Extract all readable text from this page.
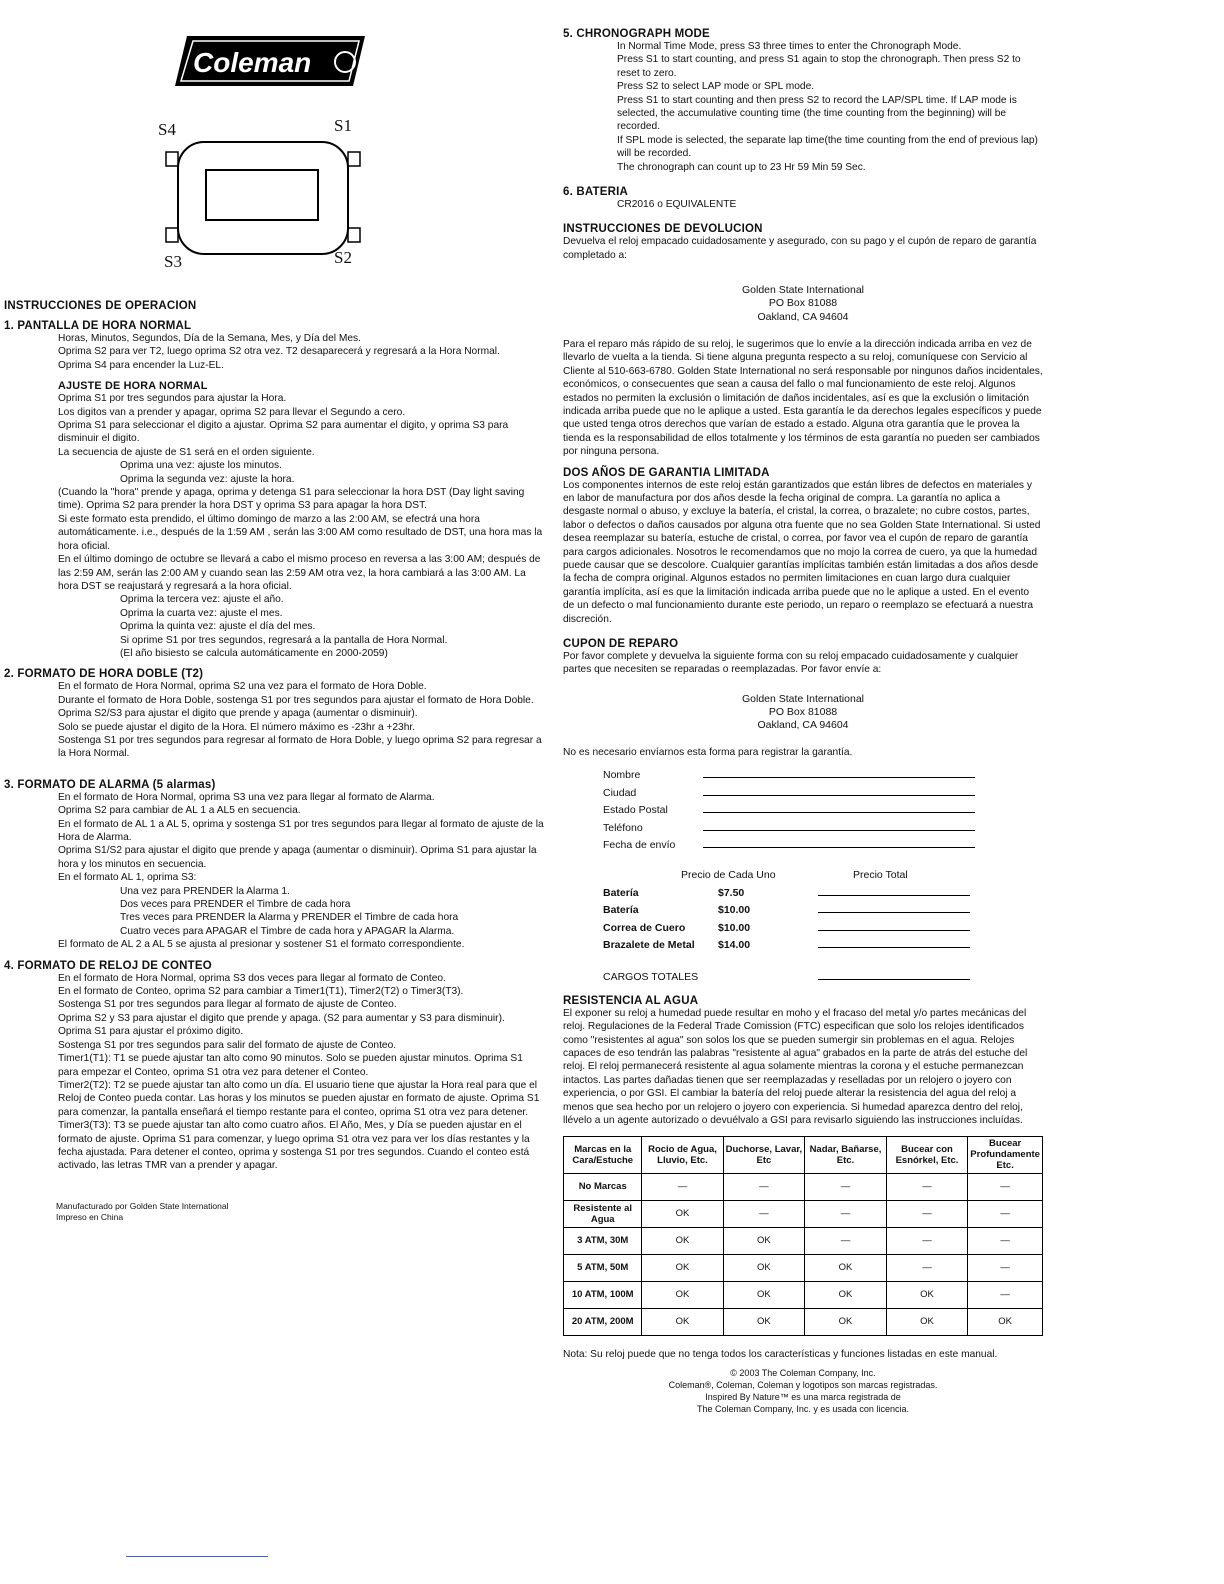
Coleman
S4	S1
S3	S2

INSTRUCCIONES DE OPERACION

1. PANTALLA DE HORA NORMAL

Horas, Minutos, Segundos, Día de la Semana, Mes, y Día del Mes.

Oprima S2 para ver T2, luego oprima S2 otra vez. T2 desaparecerá y regresará a la Hora Normal.

Oprima S4 para encender la Luz-EL.

AJUSTE DE HORA NORMAL

Oprima S1 por tres segundos para ajustar la Hora.

Los digitos van a prender y apagar, oprima S2 para llevar el Segundo a cero.

Oprima S1 para seleccionar el digito a ajustar. Oprima S2 para aumentar el digito, y oprima S3 para disminuir el digito.

La secuencia de ajuste de S1 será en el orden siguiente.

Oprima una vez: ajuste los minutos.

Oprima la segunda vez: ajuste la hora.

(Cuando la "hora" prende y apaga, oprima y detenga S1 para seleccionar la hora DST (Day light saving time). Oprima S2 para prender la hora DST y oprima S3 para apagar la hora DST.

Si este formato esta prendido, el último domingo de marzo a las 2:00 AM, se efectrá una hora automáticamente. i.e., después de la 1:59 AM , serán las 3:00 AM como resultado de DST, una hora mas la hora oficial.

En el último domingo de octubre se llevará a cabo el mismo proceso en reversa a las 3:00 AM; después de las 2:59 AM, serán las 2:00 AM y cuando sean las 2:59 AM otra vez, la hora cambiará a las 3:00 AM. La hora DST se reajustará y regresará a la hora oficial.

Oprima la tercera vez: ajuste el año.

Oprima la cuarta vez: ajuste el mes.

Oprima la quinta vez: ajuste el día del mes.

Si oprime S1 por tres segundos, regresará a la pantalla de Hora Normal.

(El año bisiesto se calcula automáticamente en 2000-2059)

2. FORMATO DE HORA DOBLE (T2)

En el formato de Hora Normal, oprima S2 una vez para el formato de Hora Doble.

Durante el formato de Hora Doble, sostenga S1 por tres segundos para ajustar el formato de Hora Doble.

Oprima S2/S3 para ajustar el digito que prende y apaga (aumentar o disminuir).

Solo se puede ajustar el digito de la Hora. El número máximo es -23hr a +23hr.

Sostenga S1 por tres segundos para regresar al formato de Hora Doble, y luego oprima S2 para regresar a la Hora Normal.

3. FORMATO DE ALARMA (5 alarmas)

En el formato de Hora Normal, oprima S3 una vez para llegar al formato de Alarma.

Oprima S2 para cambiar de AL 1 a AL5 en secuencia.

En el formato de AL 1 a AL 5, oprima y sostenga S1 por tres segundos para llegar al formato de ajuste de la Hora de Alarma.

Oprima S1/S2 para ajustar el digito que prende y apaga (aumentar o disminuir). Oprima S1 para ajustar la hora y los minutos en secuencia.

En el formato AL 1, oprima S3:

Una vez para PRENDER la Alarma 1.

Dos veces para PRENDER el Timbre de cada hora

Tres veces para PRENDER la Alarma y PRENDER el Timbre de cada hora

Cuatro veces para APAGAR el Timbre de cada hora y APAGAR la Alarma.

El formato de AL 2 a AL 5 se ajusta al presionar y sostener S1 el formato correspondiente.

4. FORMATO DE RELOJ DE CONTEO

En el formato de Hora Normal, oprima S3 dos veces para llegar al formato de Conteo.

En el formato de Conteo, oprima S2 para cambiar a Timer1(T1), Timer2(T2) o Timer3(T3).

Sostenga S1 por tres segundos para llegar al formato de ajuste de Conteo.

Oprima S2 y S3 para ajustar el digito que prende y apaga. (S2 para aumentar y S3 para disminuir).

Oprima S1 para ajustar el próximo digito.

Sostenga S1 por tres segundos para salir del formato de ajuste de Conteo.

Timer1(T1): T1 se puede ajustar tan alto como 90 minutos. Solo se pueden ajustar minutos. Oprima S1 para empezar el Conteo, oprima S1 otra vez para detener el Conteo.

Timer2(T2): T2 se puede ajustar tan alto como un día. El usuario tiene que ajustar la Hora real para que el Reloj de Conteo pueda contar. Las horas y los minutos se pueden ajustar en formato de ajuste. Oprima S1 para comenzar, la pantalla enseñará el tiempo restante para el conteo, oprima S1 otra vez para detener.

Timer3(T3): T3 se puede ajustar tan alto como cuatro años. El Año, Mes, y Día se pueden ajustar en el formato de ajuste. Oprima S1 para comenzar, y luego oprima S1 otra vez para ver los días restantes y la fecha ajustada. Para detener el conteo, oprima y sostenga S1 por tres segundos. Cuando el conteo está activado, las letras TMR van a prender y apagar.

Manufacturado por Golden State International

Impreso en China

5. CHRONOGRAPH MODE

In Normal Time Mode, press S3 three times to enter the Chronograph Mode.

Press S1 to start counting, and press S1 again to stop the chronograph. Then press S2 to reset to zero.

Press S2 to select LAP mode or SPL mode.

Press S1 to start counting and then press S2 to record the LAP/SPL time. If LAP mode is selected, the accumulative counting time (the time counting from the beginning) will be recorded.

If SPL mode is selected, the separate lap time(the time counting from the end of previous lap) will be recorded.

The chronograph can count up to 23 Hr 59 Min 59 Sec.

6. BATERIA

CR2016 o EQUIVALENTE

INSTRUCCIONES DE DEVOLUCION

Devuelva el reloj empacado cuidadosamente y asegurado, con su pago y el cupón de reparo de garantía completado a:

Golden State International
PO Box 81088
Oakland, CA 94604

Para el reparo más rápido de su reloj, le sugerimos que lo envíe a la dirección indicada arriba en vez de llevarlo de vuelta a la tienda. Si tiene alguna pregunta respecto a su reloj, comuníquese con Servicio al Cliente al 510-663-6780. Golden State International no será responsable por ningunos daños incidentales, económicos, o consecuentes que sean a causa del fallo o mal funcionamiento de este reloj. Algunos estados no permiten la exclusión o limitación de daños incidentales, así es que la exclusión o limitación indicada arriba puede que no le aplique a usted. Esta garantía le da derechos legales específicos y puede que usted tenga otros derechos que varían de estado a estado. Alguna otra garantía que le provea la tienda es la responsabilidad de ellos totalmente y los términos de esta garantía no pueden ser cambiados por ninguna persona.

DOS AÑOS DE GARANTIA LIMITADA

Los componentes internos de este reloj están garantizados que están libres de defectos en materiales y en labor de manufactura por dos años desde la fecha original de compra. La garantía no aplica a desgaste normal o abuso, y excluye la batería, el cristal, la correa, o brazalete; no cubre costos, partes, labor o defectos o daños causados por alguna otra fuente que no sea Golden State International. Si usted desea reemplazar su batería, estuche de cristal, o correa, por favor vea el cupón de reparo de garantía para cargos adicionales. Nosotros le recomendamos que no mojo la correa de cuero, ya que la humedad puede causar que se descolore. Cualquier garantías implícitas también están limitadas a dos años desde la fecha de compra original. Algunos estados no permiten limitaciones en cuan largo dura cualquier garantía implícita, así es que la limitación indicada arriba puede que no le aplique a usted. En el evento de un defecto o mal funcionamiento durante este periodo, un reparo o reemplazo se efectuará a nuestra discreción.

CUPON DE REPARO

Por favor complete y devuelva la siguiente forma con su reloj empacado cuidadosamente y cualquier partes que necesiten se reparadas o reemplazadas. Por favor envíe a:

Golden State International
PO Box 81088
Oakland, CA 94604

No es necesario envíarnos esta forma para registrar la garantía.

Nombre
Ciudad
Estado Postal
Teléfono
Fecha de envío
Precio de Cada Uno	Precio Total
Batería	$7.50
Batería	$10.00
Correa de Cuero	$10.00
Brazalete de Metal	$14.00
CARGOS TOTALES

RESISTENCIA AL AGUA

El exponer su reloj a humedad puede resultar en moho y el fracaso del metal y/o partes mecánicas del reloj. Regulaciones de la Federal Trade Comission (FTC) especifican que solo los relojes identificados como "resistentes al agua" son solos los que se pueden sumergir sin problemas en el agua. Relojes capaces de eso tendrán las palabras "resistente al agua" grabados en la parte de atrás del estuche del reloj. El reloj permanecerá resistente al agua solamente mientras la corona y el estuche permanezcan intactos. Las partes dañadas tienen que ser reemplazadas y reselladas por un relojero o joyero con experiencia, o por GSI. El cambiar la batería del reloj puede alterar la resistencia del agua del reloj a menos que sea hecho por un relojero o joyero con experiencia. Si humedad aparezca dentro del reloj, llévelo a un agente autorizado o devuélvalo a GSI para revisarlo siguiendo las instrucciones incluídas.

Marcas en la Cara/Estuche	Rocio de Agua, Lluvio, Etc.	Duchorse, Lavar, Etc	Nadar, Bañarse, Etc.	Bucear con Esnórkel, Etc.	Bucear Profundamente Etc.
No Marcas	—	—	—	—	—
Resistente al Agua	OK	—	—	—	—
3 ATM, 30M	OK	OK	—	—	—
5 ATM, 50M	OK	OK	OK	—	—
10 ATM, 100M	OK	OK	OK	OK	—
20 ATM, 200M	OK	OK	OK	OK	OK

Nota: Su reloj puede que no tenga todos los características y funciones listadas en este manual.

© 2003 The Coleman Company, Inc.
Coleman®, Coleman, Coleman y logotipos son marcas registradas.
Inspired By Nature™ es una marca registrada de
The Coleman Company, Inc. y es usada con licencia.
